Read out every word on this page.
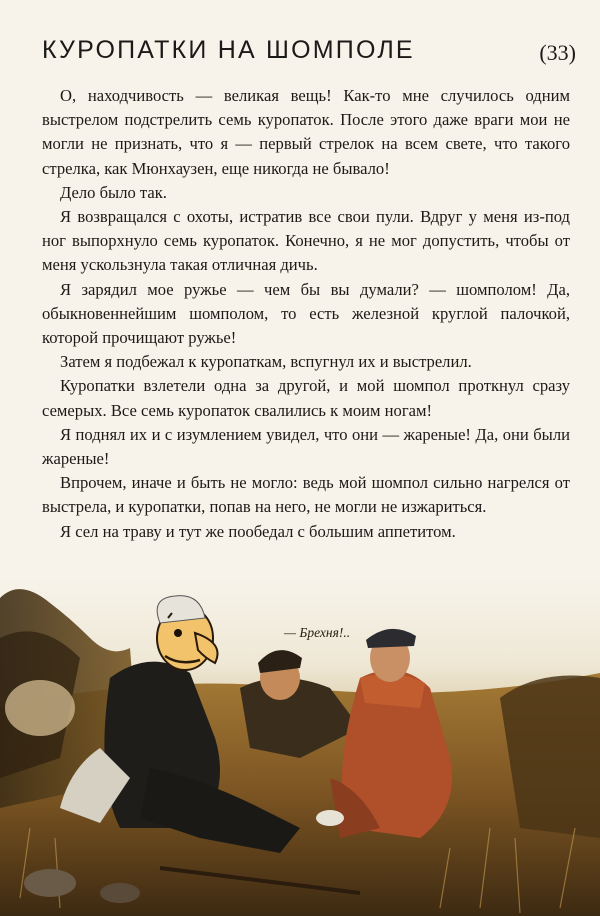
КУРОПАТКИ НА ШОМПОЛЕ	(33)

О, находчивость — великая вещь! Как-то мне случилось одним выстрелом подстрелить семь куропаток. После этого даже враги мои не могли не признать, что я — первый стрелок на всем свете, что такого стрелка, как Мюнхаузен, еще никогда не бывало!

Дело было так.

Я возвращался с охоты, истратив все свои пули. Вдруг у меня из-под ног выпорхнуло семь куропаток. Конечно, я не мог допустить, чтобы от меня ускользнула такая отличная дичь.

Я зарядил мое ружье — чем бы вы думали? — шомполом! Да, обыкновеннейшим шомполом, то есть железной круглой палочкой, которой прочищают ружье!

Затем я подбежал к куропаткам, вспугнул их и выстрелил.

Куропатки взлетели одна за другой, и мой шомпол проткнул сразу семерых. Все семь куропаток свалились к моим ногам!

Я поднял их и с изумлением увидел, что они — жареные! Да, они были жареные!

Впрочем, иначе и быть не могло: ведь мой шомпол сильно нагрелся от выстрела, и куропатки, попав на него, не могли не изжариться.

Я сел на траву и тут же пообедал с большим аппетитом.

— Брехня!..
